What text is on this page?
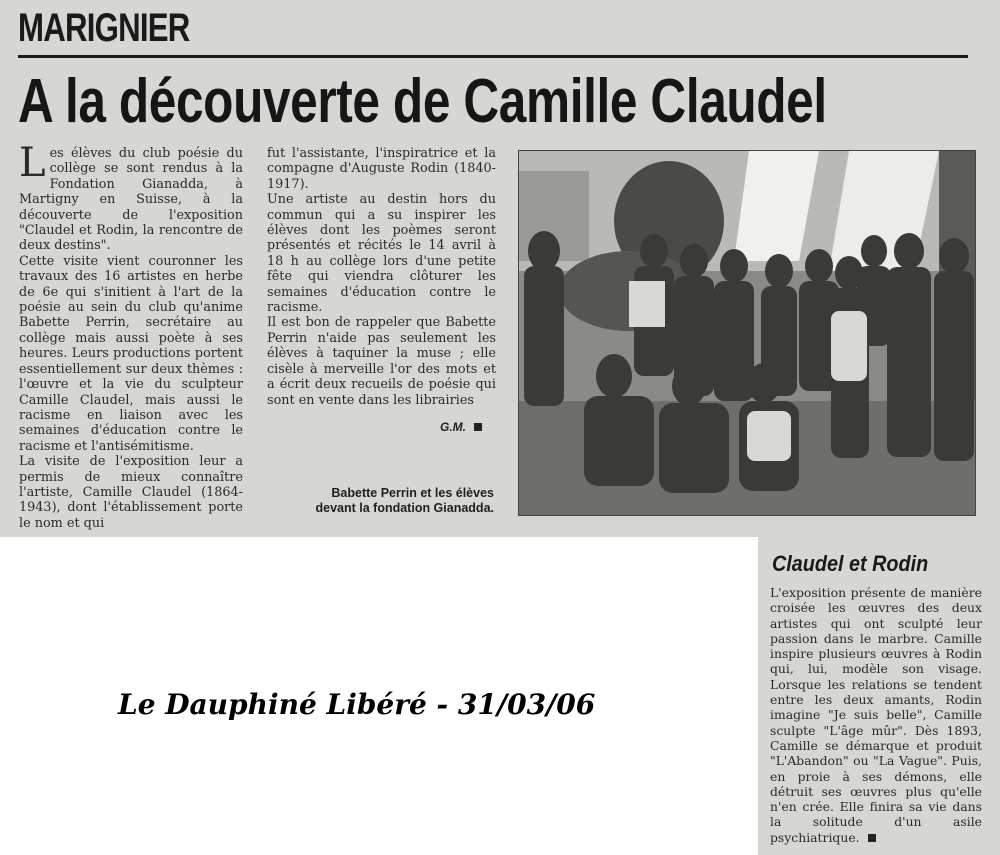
MARIGNIER
A la découverte de Camille Claudel
L es élèves du club poésie du collège se sont rendus à la Fondation Gianadda, à Martigny en Suisse, à la découverte de l'exposition "Claudel et Rodin, la rencontre de deux destins".

Cette visite vient couronner les travaux des 16 artistes en herbe de 6e qui s'initient à l'art de la poésie au sein du club qu'anime Babette Perrin, secrétaire au collège mais aussi poète à ses heures. Leurs productions portent essentiellement sur deux thèmes : l'œuvre et la vie du sculpteur Camille Claudel, mais aussi le racisme en liaison avec les semaines d'éducation contre le racisme et l'antisémitisme.

La visite de l'exposition leur a permis de mieux connaître l'artiste, Camille Claudel (1864-1943), dont l'établissement porte le nom et qui

fut l'assistante, l'inspiratrice et la compagne d'Auguste Rodin (1840-1917).

Une artiste au destin hors du commun qui a su inspirer les élèves dont les poèmes seront présentés et récités le 14 avril à 18 h au collège lors d'une petite fête qui viendra clôturer les semaines d'éducation contre le racisme.

Il est bon de rappeler que Babette Perrin n'aide pas seulement les élèves à taquiner la muse ; elle cisèle à merveille l'or des mots et a écrit deux recueils de poésie qui sont en vente dans les librairies

G.M.
Babette Perrin et les élèves
devant la fondation Gianadda.
Claudel et Rodin
L'exposition présente de manière croisée les œuvres des deux artistes qui ont sculpté leur passion dans le marbre. Camille inspire plusieurs œuvres à Rodin qui, lui, modèle son visage. Lorsque les relations se tendent entre les deux amants, Rodin imagine "Je suis belle", Camille sculpte "L'âge mûr". Dès 1893, Camille se démarque et produit "L'Abandon" ou "La Vague". Puis, en proie à ses démons, elle détruit ses œuvres plus qu'elle n'en crée. Elle finira sa vie dans la solitude d'un asile psychiatrique.
Le Dauphiné Libéré - 31/03/06
